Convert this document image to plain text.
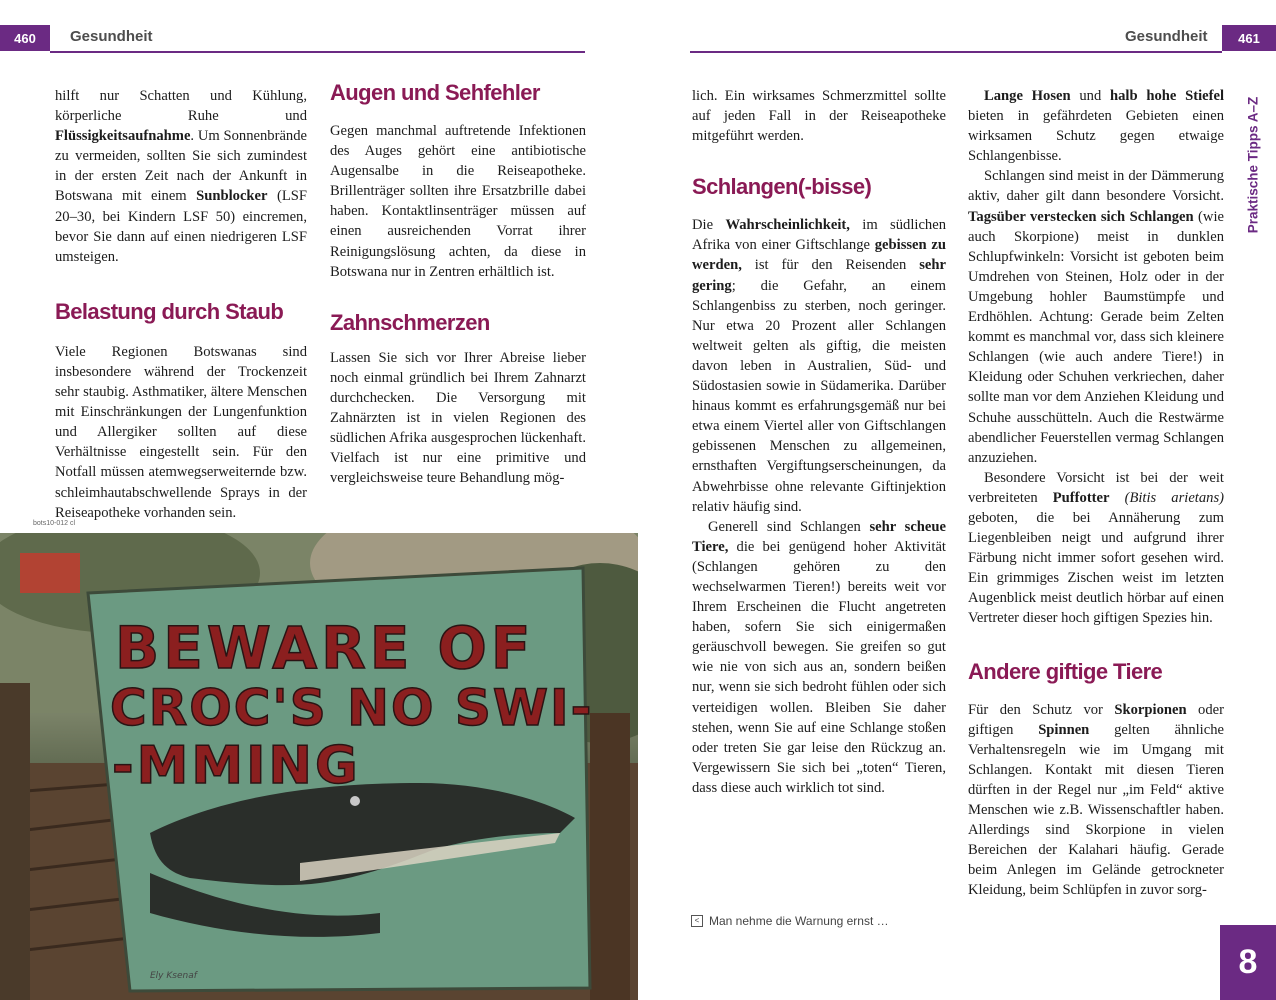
460 Gesundheit	Gesundheit 461

hilft nur Schatten und Kühlung, körperliche Ruhe und Flüssigkeitsaufnahme. Um Sonnenbrände zu vermeiden, sollten Sie sich zumindest in der ersten Zeit nach der Ankunft in Botswana mit einem Sunblocker (LSF 20–30, bei Kindern LSF 50) eincremen, bevor Sie dann auf einen niedrigeren LSF umsteigen.

Belastung durch Staub

Viele Regionen Botswanas sind insbesondere während der Trockenzeit sehr staubig. Asthmatiker, ältere Menschen mit Einschränkungen der Lungenfunktion und Allergiker sollten auf diese Verhältnisse eingestellt sein. Für den Notfall müssen atemwegserweiternde bzw. schleimhautabschwellende Sprays in der Reiseapotheke vorhanden sein.

Augen und Sehfehler

Gegen manchmal auftretende Infektionen des Auges gehört eine antibiotische Augensalbe in die Reiseapotheke. Brillenträger sollten ihre Ersatzbrille dabei haben. Kontaktlinsenträger müssen auf einen ausreichenden Vorrat ihrer Reinigungslösung achten, da diese in Botswana nur in Zentren erhältlich ist.

Zahnschmerzen

Lassen Sie sich vor Ihrer Abreise lieber noch einmal gründlich bei Ihrem Zahnarzt durchchecken. Die Versorgung mit Zahnärzten ist in vielen Regionen des südlichen Afrika ausgesprochen lückenhaft. Vielfach ist nur eine primitive und vergleichsweise teure Behandlung mög-

lich. Ein wirksames Schmerzmittel sollte auf jeden Fall in der Reiseapotheke mitgeführt werden.

Schlangen(-bisse)

Die Wahrscheinlichkeit, im südlichen Afrika von einer Giftschlange gebissen zu werden, ist für den Reisenden sehr gering; die Gefahr, an einem Schlangenbiss zu sterben, noch geringer. Nur etwa 20 Prozent aller Schlangen weltweit gelten als giftig, die meisten davon leben in Australien, Süd- und Südostasien sowie in Südamerika. Darüber hinaus kommt es erfahrungsgemäß nur bei etwa einem Viertel aller von Giftschlangen gebissenen Menschen zu allgemeinen, ernsthaften Vergiftungserscheinungen, da Abwehrbisse ohne relevante Giftinjektion relativ häufig sind.

Generell sind Schlangen sehr scheue Tiere, die bei genügend hoher Aktivität (Schlangen gehören zu den wechselwarmen Tieren!) bereits weit vor Ihrem Erscheinen die Flucht angetreten haben, sofern Sie sich einigermaßen geräuschvoll bewegen. Sie greifen so gut wie nie von sich aus an, sondern beißen nur, wenn sie sich bedroht fühlen oder sich verteidigen wollen. Bleiben Sie daher stehen, wenn Sie auf eine Schlange stoßen oder treten Sie gar leise den Rückzug an. Vergewissern Sie sich bei „toten“ Tieren, dass diese auch wirklich tot sind.

< Man nehme die Warnung ernst …

Lange Hosen und halb hohe Stiefel bieten in gefährdeten Gebieten einen wirksamen Schutz gegen etwaige Schlangenbisse.

Schlangen sind meist in der Dämmerung aktiv, daher gilt dann besondere Vorsicht. Tagsüber verstecken sich Schlangen (wie auch Skorpione) meist in dunklen Schlupfwinkeln: Vorsicht ist geboten beim Umdrehen von Steinen, Holz oder in der Umgebung hohler Baumstümpfe und Erdhöhlen. Achtung: Gerade beim Zelten kommt es manchmal vor, dass sich kleinere Schlangen (wie auch andere Tiere!) in Kleidung oder Schuhen verkriechen, daher sollte man vor dem Anziehen Kleidung und Schuhe ausschütteln. Auch die Restwärme abendlicher Feuerstellen vermag Schlangen anzuziehen.

Besondere Vorsicht ist bei der weit verbreiteten Puffotter (Bitis arietans) geboten, die bei Annäherung zum Liegenbleiben neigt und aufgrund ihrer Färbung nicht immer sofort gesehen wird. Ein grimmiges Zischen weist im letzten Augenblick meist deutlich hörbar auf einen Vertreter dieser hoch giftigen Spezies hin.

Andere giftige Tiere

Für den Schutz vor Skorpionen oder giftigen Spinnen gelten ähnliche Verhaltensregeln wie im Umgang mit Schlangen. Kontakt mit diesen Tieren dürften in der Regel nur „im Feld“ aktive Menschen wie z.B. Wissenschaftler haben. Allerdings sind Skorpione in vielen Bereichen der Kalahari häufig. Gerade beim Anlegen im Gelände getrockneter Kleidung, beim Schlüpfen in zuvor sorg-

Praktische Tipps A–Z
8
bots10-012 cl
BEWARE OF
CROC'S NO SWI-
-MMING
Ely Ksenaf
